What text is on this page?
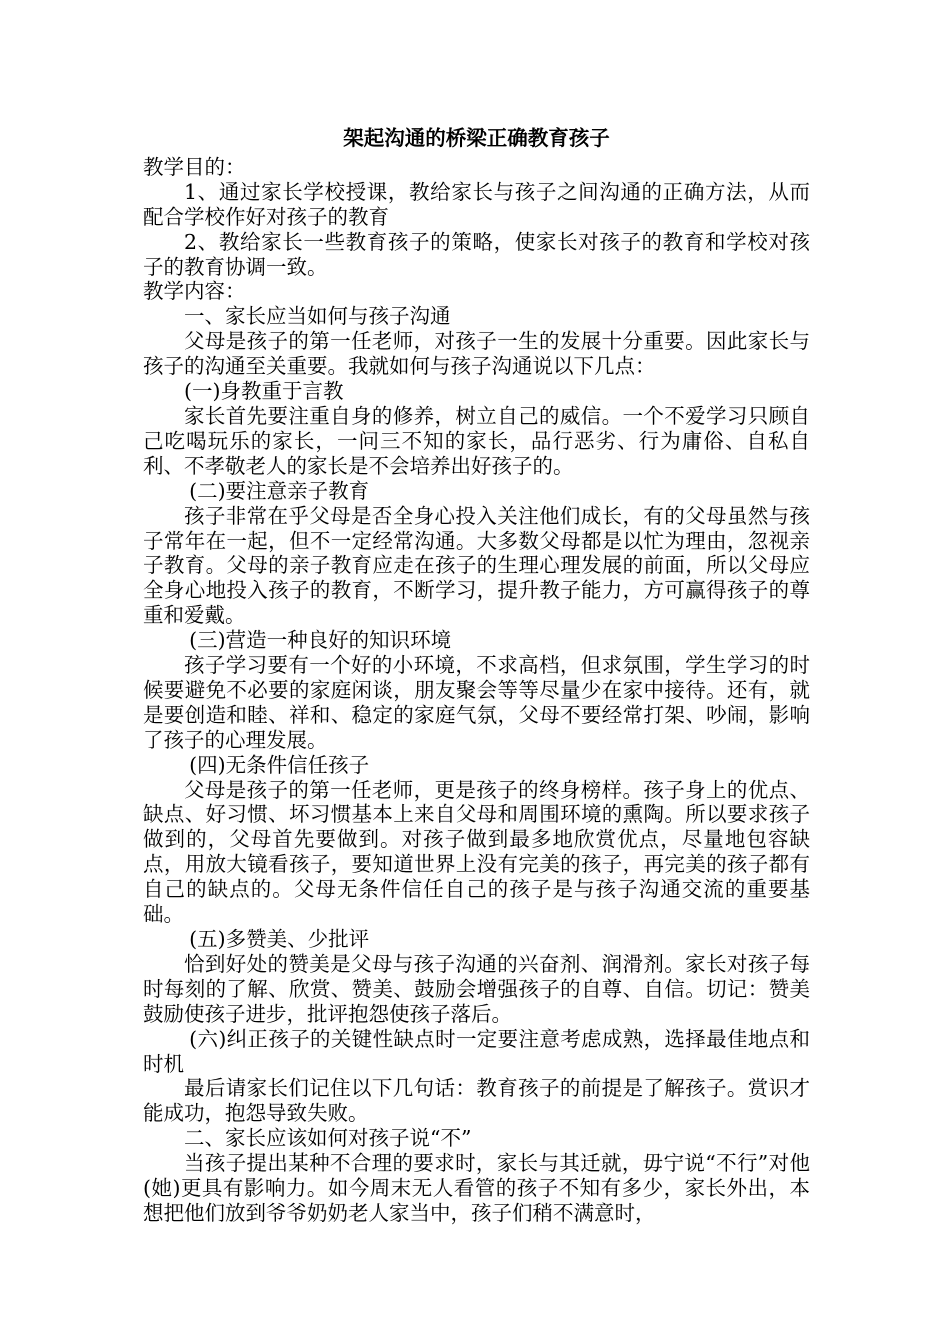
架起沟通的桥梁正确教育孩子

教学目的：

1、通过家长学校授课，教给家长与孩子之间沟通的正确方法，从而配合学校作好对孩子的教育

2、教给家长一些教育孩子的策略，使家长对孩子的教育和学校对孩子的教育协调一致。

教学内容：

一、家长应当如何与孩子沟通

父母是孩子的第一任老师，对孩子一生的发展十分重要。因此家长与孩子的沟通至关重要。我就如何与孩子沟通说以下几点：

(一)身教重于言教

家长首先要注重自身的修养，树立自己的威信。一个不爱学习只顾自己吃喝玩乐的家长，一问三不知的家长，品行恶劣、行为庸俗、自私自利、不孝敬老人的家长是不会培养出好孩子的。

(二)要注意亲子教育

孩子非常在乎父母是否全身心投入关注他们成长，有的父母虽然与孩子常年在一起，但不一定经常沟通。大多数父母都是以忙为理由，忽视亲子教育。父母的亲子教育应走在孩子的生理心理发展的前面，所以父母应全身心地投入孩子的教育，不断学习，提升教子能力，方可赢得孩子的尊重和爱戴。

(三)营造一种良好的知识环境

孩子学习要有一个好的小环境，不求高档，但求氛围，学生学习的时候要避免不必要的家庭闲谈，朋友聚会等等尽量少在家中接待。还有，就是要创造和睦、祥和、稳定的家庭气氛，父母不要经常打架、吵闹，影响了孩子的心理发展。

(四)无条件信任孩子

父母是孩子的第一任老师，更是孩子的终身榜样。孩子身上的优点、缺点、好习惯、坏习惯基本上来自父母和周围环境的熏陶。所以要求孩子做到的，父母首先要做到。对孩子做到最多地欣赏优点，尽量地包容缺点，用放大镜看孩子，要知道世界上没有完美的孩子，再完美的孩子都有自己的缺点的。父母无条件信任自己的孩子是与孩子沟通交流的重要基础。

(五)多赞美、少批评

恰到好处的赞美是父母与孩子沟通的兴奋剂、润滑剂。家长对孩子每时每刻的了解、欣赏、赞美、鼓励会增强孩子的自尊、自信。切记：赞美鼓励使孩子进步，批评抱怨使孩子落后。

(六)纠正孩子的关键性缺点时一定要注意考虑成熟，选择最佳地点和时机

最后请家长们记住以下几句话：教育孩子的前提是了解孩子。赏识才能成功，抱怨导致失败。

二、家长应该如何对孩子说“不”

当孩子提出某种不合理的要求时，家长与其迁就，毋宁说“不行”对他(她)更具有影响力。如今周末无人看管的孩子不知有多少，家长外出，本想把他们放到爷爷奶奶老人家当中，孩子们稍不满意时，
